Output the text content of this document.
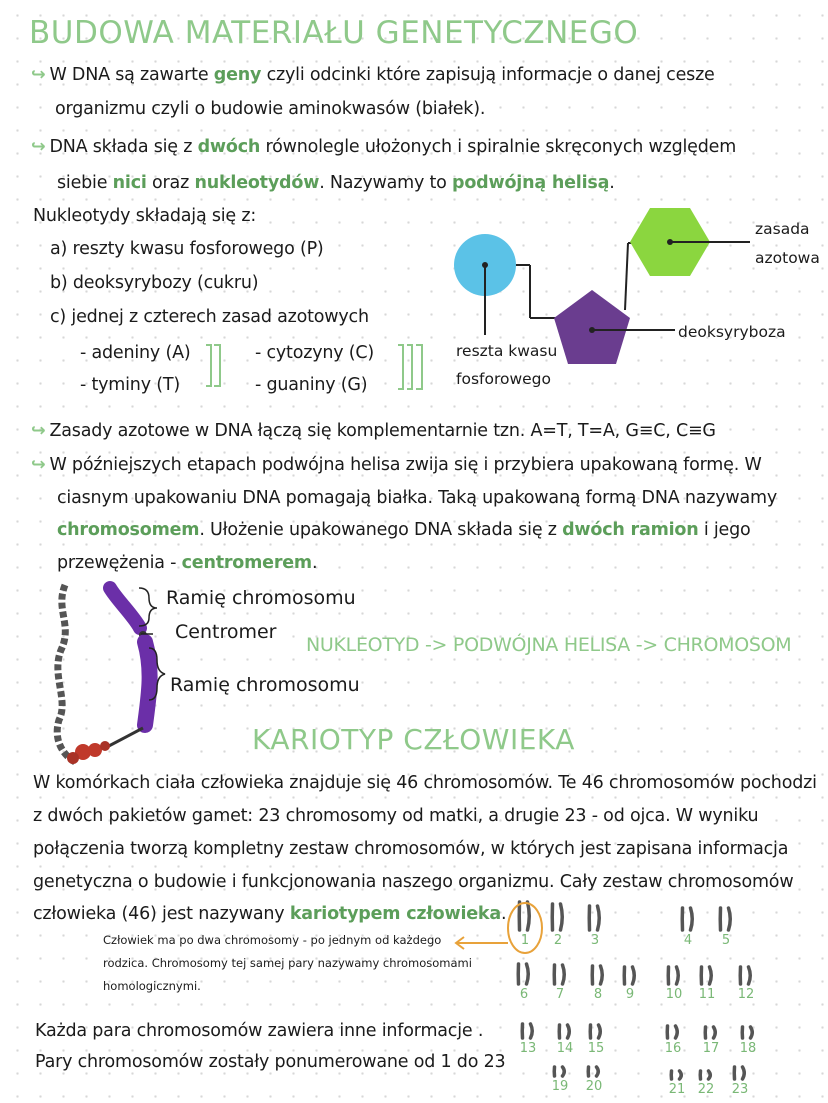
BUDOWA MATERIAŁU GENETYCZNEGO
↪ W DNA są zawarte geny czyli odcinki które zapisują informacje o danej cesze
organizmu czyli o budowie aminokwasów (białek).
↪ DNA składa się z dwóch równolegle ułożonych i spiralnie skręconych względem
siebie nici oraz nukleotydów. Nazywamy to podwójną helisą.
Nukleotydy składają się z:
a) reszty kwasu fosforowego (P)
b) deoksyrybozy (cukru)
c) jednej z czterech zasad azotowych
- adeniny (A)
- tyminy (T)
- cytozyny (C)
- guaniny (G)
zasada
azotowa
deoksyryboza
reszta kwasu
fosforowego
↪ Zasady azotowe w DNA łączą się komplementarnie tzn. A=T, T=A, G≡C, C≡G
↪ W późniejszych etapach podwójna helisa zwija się i przybiera upakowaną formę. W
ciasnym upakowaniu DNA pomagają białka. Taką upakowaną formą DNA nazywamy
chromosomem. Ułożenie upakowanego DNA składa się z dwóch ramion i jego
przewężenia - centromerem.
Ramię chromosomu
Centromer
Ramię chromosomu
NUKLEOTYD -> PODWÓJNA HELISA -> CHROMOSOM
KARIOTYP CZŁOWIEKA
W komórkach ciała człowieka znajduje się 46 chromosomów. Te 46 chromosomów pochodzi
z dwóch pakietów gamet: 23 chromosomy od matki, a drugie 23 - od ojca. W wyniku
połączenia tworzą kompletny zestaw chromosomów, w których jest zapisana informacja
genetyczna o budowie i funkcjonowania naszego organizmu. Cały zestaw chromosomów
człowieka (46) jest nazywany kariotypem człowieka.
Człowiek ma po dwa chromosomy - po jednym od każdego
rodzica. Chromosomy tej samej pary nazywamy chromosomami
homologicznymi.
Każda para chromosomów zawiera inne informacje .
Pary chromosomów zostały ponumerowane od 1 do 23
1 2 3	4 5
6 7 8 9 10 11 12
13 14 15	16 17 18
19 20	21 22 23
